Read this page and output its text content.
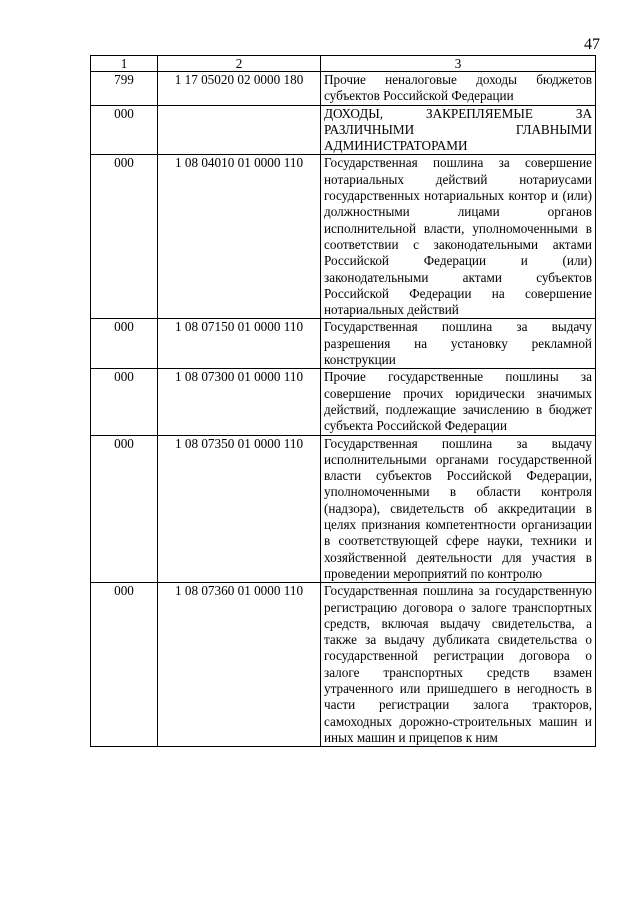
47
1	2	3
799	1 17 05020 02 0000 180	Прочие неналоговые доходы бюджетов субъектов Российской Федерации
000		ДОХОДЫ, ЗАКРЕПЛЯЕМЫЕ ЗА РАЗЛИЧНЫМИ ГЛАВНЫМИ АДМИНИСТРАТОРАМИ
000	1 08 04010 01 0000 110	Государственная пошлина за совершение нотариальных действий нотариусами государственных нотариальных контор и (или) должностными лицами органов исполнительной власти, уполномоченными в соответствии с законодательными актами Российской Федерации и (или) законодательными актами субъектов Российской Федерации на совершение нотариальных действий
000	1 08 07150 01 0000 110	Государственная пошлина за выдачу разрешения на установку рекламной конструкции
000	1 08 07300 01 0000 110	Прочие государственные пошлины за совершение прочих юридически значимых действий, подлежащие зачислению в бюджет субъекта Российской Федерации
000	1 08 07350 01 0000 110	Государственная пошлина за выдачу исполнительными органами государственной власти субъектов Российской Федерации, уполномоченными в области контроля (надзора), свидетельств об аккредитации в целях признания компетентности организации в соответствующей сфере науки, техники и хозяйственной деятельности для участия в проведении мероприятий по контролю
000	1 08 07360 01 0000 110	Государственная пошлина за государственную регистрацию договора о залоге транспортных средств, включая выдачу свидетельства, а также за выдачу дубликата свидетельства о государственной регистрации договора о залоге транспортных средств взамен утраченного или пришедшего в негодность в части регистрации залога тракторов, самоходных дорожно-строительных машин и иных машин и прицепов к ним
